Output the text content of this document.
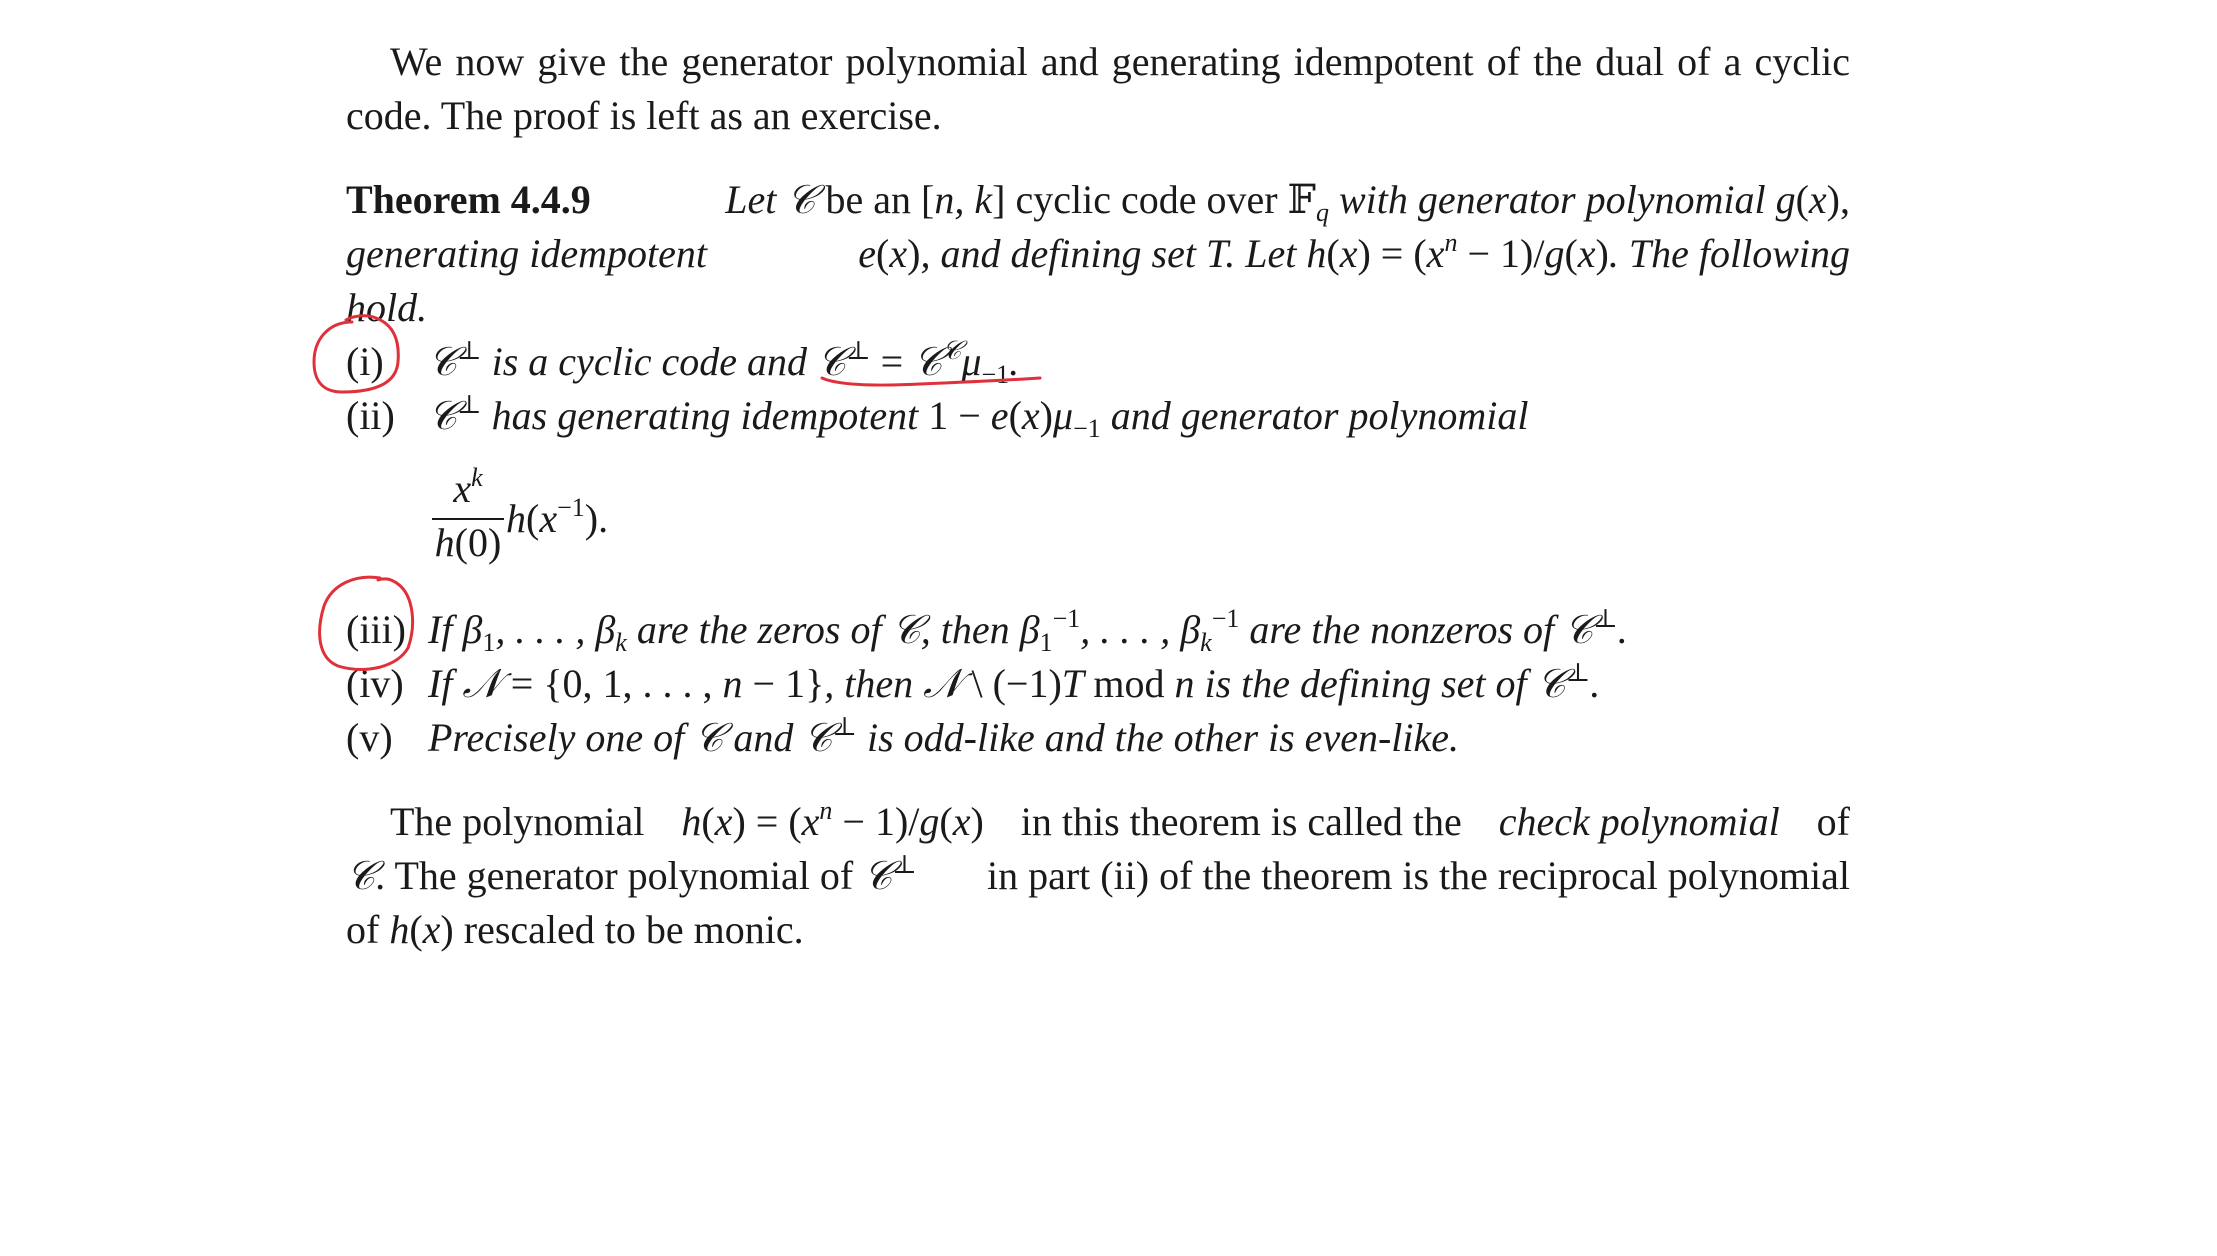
We now give the generator polynomial and generating idempotent of the dual of a cyclic
code. The proof is left as an exercise.
Theorem 4.4.9	Let 𝒞 be an [n, k] cyclic code over 𝔽$_q$ with generator polynomial g(x),
generating idempotent	e(x), and defining set T. Let $h(x) = (x^n - 1)/g(x)$. The following
hold.
(i) 𝒞⊥ is a cyclic code and 𝒞⊥ = $𝒞^𝒞\mu_{-1}$.
(ii) 𝒞⊥ has generating idempotent $1 - e(x)\mu_{-1}$ and generator polynomial
$x^k$
h(0)
$h(x^{-1})$.
(iii) If $\beta_1$, . . . , $\beta_k$ are the zeros of 𝒞, then $\beta_1^{-1}$, . . . , $\beta_k^{-1}$ are the nonzeros of 𝒞⊥.
(iv) If 𝒩 = {0, 1, . . . , n − 1}, then 𝒩 \ (−1)T mod n is the defining set of 𝒞⊥.
(v) Precisely one of 𝒞 and 𝒞⊥ is odd-like and the other is even-like.
The polynomial $h(x) = (x^n - 1)/g(x)$ in this theorem is called the check polynomial of
𝒞. The generator polynomial of 𝒞⊥ in part (ii) of the theorem is the reciprocal polynomial
of h(x) rescaled to be monic.
